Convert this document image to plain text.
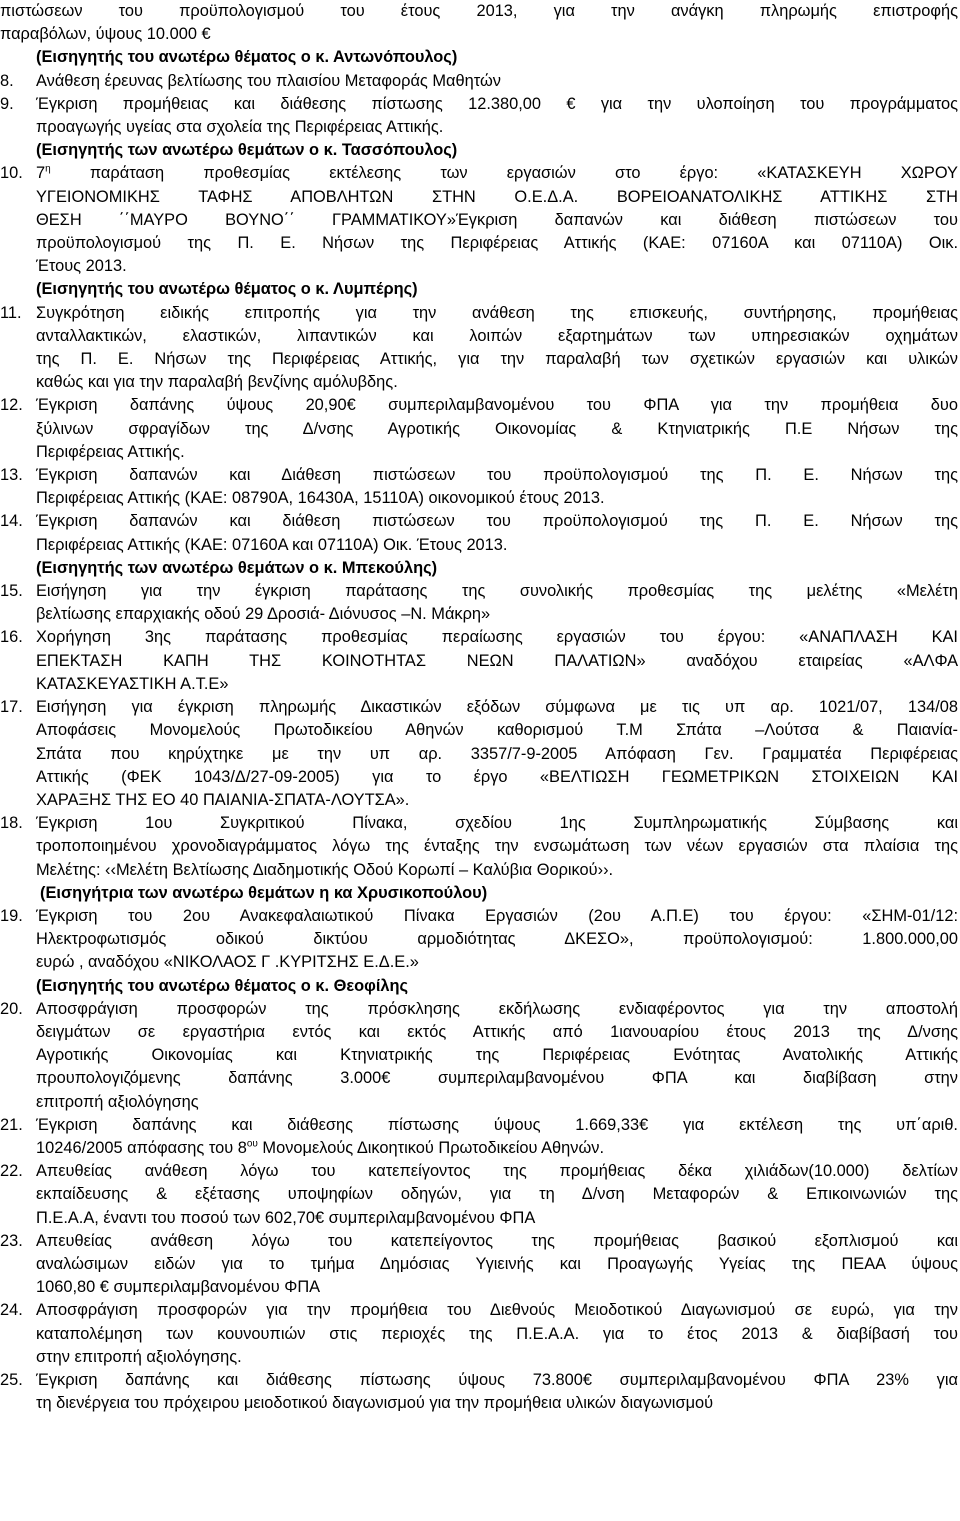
πιστώσεων του προϋπολογισμού του έτους 2013, για την ανάγκη πληρωμής επιστροφής
παραβόλων, ύψους 10.000 €
(Εισηγητής του ανωτέρω θέματος ο κ. Αντωνόπουλος)
8. Ανάθεση έρευνας βελτίωσης του πλαισίου Μεταφοράς Μαθητών
9. Έγκριση προμήθειας και διάθεσης πίστωσης 12.380,00 € για την υλοποίηση του προγράμματος
προαγωγής υγείας στα σχολεία της Περιφέρειας Αττικής.
(Εισηγητής των ανωτέρω θεμάτων ο κ. Τασσόπουλος)
10. $7^\eta$ παράταση προθεσμίας εκτέλεσης των εργασιών στο έργο: «ΚΑΤΑΣΚΕΥΗ ΧΩΡΟΥ
ΥΓΕΙΟΝΟΜΙΚΗΣ ΤΑΦΗΣ ΑΠΟΒΛΗΤΩΝ ΣΤΗΝ Ο.Ε.Δ.Α. ΒΟΡΕΙΟΑΝΑΤΟΛΙΚΗΣ ΑΤΤΙΚΗΣ ΣΤΗ
ΘΕΣΗ ΄΄ΜΑΥΡΟ ΒΟΥΝΟ΄΄ ΓΡΑΜΜΑΤΙΚΟΥ»Έγκριση δαπανών και διάθεση πιστώσεων του
προϋπολογισμού της Π. Ε. Νήσων της Περιφέρειας Αττικής (ΚΑΕ: 07160Α και 07110Α) Οικ.
Έτους 2013.
(Εισηγητής του ανωτέρω θέματος ο κ. Λυμπέρης)
11. Συγκρότηση ειδικής επιτροπής για την ανάθεση της επισκευής, συντήρησης, προμήθειας
ανταλλακτικών, ελαστικών, λιπαντικών και λοιπών εξαρτημάτων των υπηρεσιακών οχημάτων
της Π. Ε. Νήσων της Περιφέρειας Αττικής, για την παραλαβή των σχετικών εργασιών και υλικών
καθώς και για την παραλαβή βενζίνης αμόλυβδης.
12. Έγκριση δαπάνης ύψους 20,90€ συμπεριλαμβανομένου του ΦΠΑ για την προμήθεια δυο
ξύλινων σφραγίδων της Δ/νσης Αγροτικής Οικονομίας & Κτηνιατρικής Π.Ε Νήσων της
Περιφέρειας Αττικής.
13. Έγκριση δαπανών και Διάθεση πιστώσεων του προϋπολογισμού της Π. Ε. Νήσων της
Περιφέρειας Αττικής (ΚΑΕ: 08790Α, 16430Α, 15110Α) οικονομικού έτους 2013.
14. Έγκριση δαπανών και διάθεση πιστώσεων του προϋπολογισμού της Π. Ε. Νήσων της
Περιφέρειας Αττικής (ΚΑΕ: 07160Α και 07110Α) Οικ. Έτους 2013.
(Εισηγητής των ανωτέρω θεμάτων ο κ. Μπεκούλης)
15. Εισήγηση για την έγκριση παράτασης της συνολικής προθεσμίας της μελέτης «Μελέτη
βελτίωσης επαρχιακής οδού 29 Δροσιά- Διόνυσος –Ν. Μάκρη»
16. Χορήγηση 3ης παράτασης προθεσμίας περαίωσης εργασιών του έργου: «ΑΝΑΠΛΑΣΗ ΚΑΙ
ΕΠΕΚΤΑΣΗ ΚΑΠΗ ΤΗΣ ΚΟΙΝΟΤΗΤΑΣ ΝΕΩΝ ΠΑΛΑΤΙΩΝ» αναδόχου εταιρείας «ΑΛΦΑ
ΚΑΤΑΣΚΕΥΑΣΤΙΚΗ Α.Τ.Ε»
17. Εισήγηση για έγκριση πληρωμής Δικαστικών εξόδων σύμφωνα με τις υπ αρ. 1021/07, 134/08
Αποφάσεις Μονομελούς Πρωτοδικείου Αθηνών καθορισμού Τ.Μ Σπάτα –Λούτσα & Παιανία-
Σπάτα που κηρύχτηκε με την υπ αρ. 3357/7-9-2005 Απόφαση Γεν. Γραμματέα Περιφέρειας
Αττικής (ΦΕΚ 1043/Δ/27-09-2005) για το έργο «ΒΕΛΤΙΩΣΗ ΓΕΩΜΕΤΡΙΚΩΝ ΣΤΟΙΧΕΙΩΝ ΚΑΙ
ΧΑΡΑΞΗΣ ΤΗΣ ΕΟ 40 ΠΑΙΑΝΙΑ-ΣΠΑΤΑ-ΛΟΥΤΣΑ».
18. Έγκριση 1ου Συγκριτικού Πίνακα, σχεδίου 1ης Συμπληρωματικής Σύμβασης και
τροποποιημένου χρονοδιαγράμματος λόγω της ένταξης την ενσωμάτωση των νέων εργασιών στα πλαίσια της
Μελέτης: ‹‹Μελέτη Βελτίωσης Διαδημοτικής Οδού Κορωπί – Καλύβια Θορικού››.
(Εισηγήτρια των ανωτέρω θεμάτων η κα Χρυσικοπούλου)
19. Έγκριση του 2ου Ανακεφαλαιωτικού Πίνακα Εργασιών (2ου Α.Π.Ε) του έργου: «ΣΗΜ-01/12:
Ηλεκτροφωτισμός οδικού δικτύου αρμοδιότητας ΔΚΕΣΟ», προϋπολογισμού: 1.800.000,00
ευρώ , αναδόχου «ΝΙΚΟΛΑΟΣ Γ .ΚΥΡΙΤΣΗΣ Ε.Δ.Ε.»
(Εισηγητής του ανωτέρω θέματος ο κ. Θεοφίλης
20. Αποσφράγιση προσφορών της πρόσκλησης εκδήλωσης ενδιαφέροντος για την αποστολή
δειγμάτων σε εργαστήρια εντός και εκτός Αττικής από 1ιανουαρίου έτους 2013 της Δ/νσης
Αγροτικής Οικονομίας και Κτηνιατρικής της Περιφέρειας Ενότητας Ανατολικής Αττικής
προυπολογιζόμενης δαπάνης 3.000€ συμπεριλαμβανομένου ΦΠΑ και διαβίβαση στην
επιτροπή αξιολόγησης
21. Έγκριση δαπάνης και διάθεσης πίστωσης ύψους 1.669,33€ για εκτέλεση της υπ΄αριθ.
10246/2005 απόφασης του $8^{o\upsilon}$ Μονομελούς Δικοητικού Πρωτοδικείου Αθηνών.
22. Απευθείας ανάθεση λόγω του κατεπείγοντος της προμήθειας δέκα χιλιάδων(10.000) δελτίων
εκπαίδευσης & εξέτασης υποψηφίων οδηγών, για τη Δ/νση Μεταφορών & Επικοινωνιών της
Π.Ε.Α.Α, έναντι του ποσού των 602,70€ συμπεριλαμβανομένου ΦΠΑ
23. Απευθείας ανάθεση λόγω του κατεπείγοντος της προμήθειας βασικού εξοπλισμού και
αναλώσιμων ειδών για το τμήμα Δημόσιας Υγιεινής και Προαγωγής Υγείας της ΠΕΑΑ ύψους
1060,80 € συμπεριλαμβανομένου ΦΠΑ
24. Αποσφράγιση προσφορών για την προμήθεια του Διεθνούς Μειοδοτικού Διαγωνισμού σε ευρώ, για την
καταπολέμηση των κουνουπιών στις περιοχές της Π.Ε.Α.Α. για το έτος 2013 & διαβίβασή του
στην επιτροπή αξιολόγησης.
25. Έγκριση δαπάνης και διάθεσης πίστωσης ύψους 73.800€ συμπεριλαμβανομένου ΦΠΑ 23% για
τη διενέργεια του πρόχειρου μειοδοτικού διαγωνισμού για την προμήθεια υλικών διαγωνισμού
